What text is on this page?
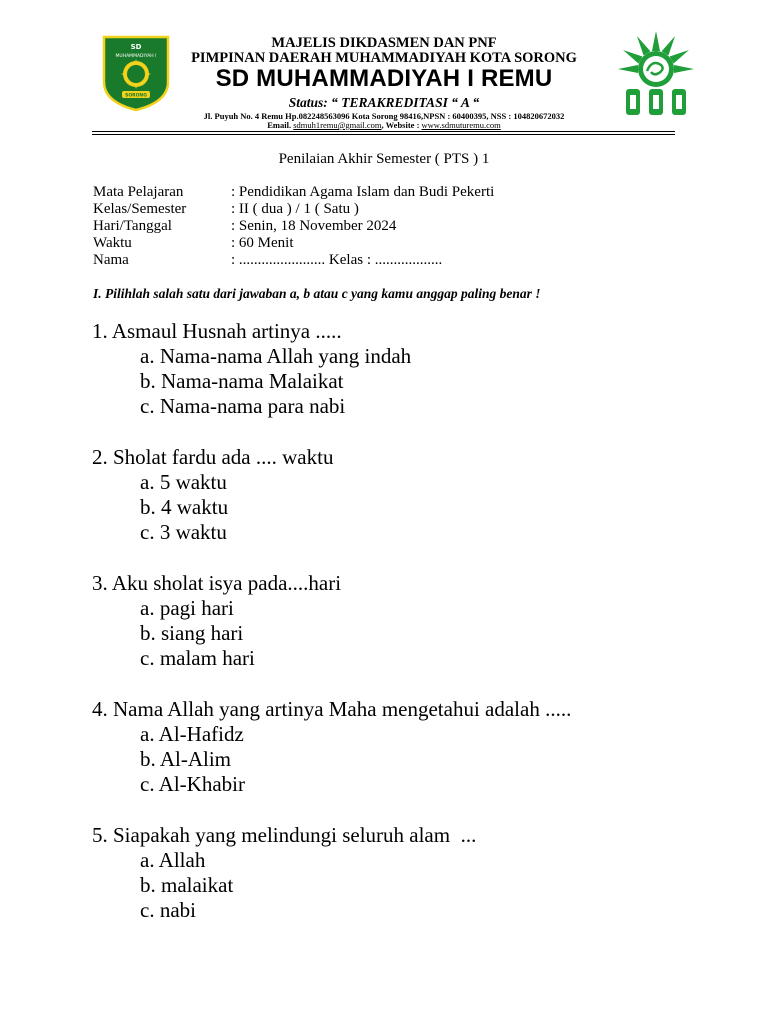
SD
MUHAMMADIYAH I
SORONG
MAJELIS DIKDASMEN DAN PNF
PIMPINAN DAERAH MUHAMMADIYAH KOTA SORONG
SD MUHAMMADIYAH I REMU
Status: “ TERAKREDITASI “ A “
Jl. Puyuh No. 4 Remu Hp.082248563096 Kota Sorong 98416,NPSN : 60400395, NSS : 104820672032
Email. sdmuh1remu@gmail.com, Website : www.sdmuturemu.com
Penilaian Akhir Semester ( PTS ) 1
Mata Pelajaran	: Pendidikan Agama Islam dan Budi Pekerti
Kelas/Semester	: II ( dua ) / 1 ( Satu )
Hari/Tanggal	: Senin, 18 November 2024
Waktu	: 60 Menit
Nama	: ....................... Kelas : ..................
I. Pilihlah salah satu dari jawaban a, b atau c yang kamu anggap paling benar !
1. Asmaul Husnah artinya .....
a. Nama-nama Allah yang indah
b. Nama-nama Malaikat
c. Nama-nama para nabi
2. Sholat fardu ada .... waktu
a. 5 waktu
b. 4 waktu
c. 3 waktu
3. Aku sholat isya pada....hari
a. pagi hari
b. siang hari
c. malam hari
4. Nama Allah yang artinya Maha mengetahui adalah .....
a. Al-Hafidz
b. Al-Alim
c. Al-Khabir
5. Siapakah yang melindungi seluruh alam  ...
a. Allah
b. malaikat
c. nabi
